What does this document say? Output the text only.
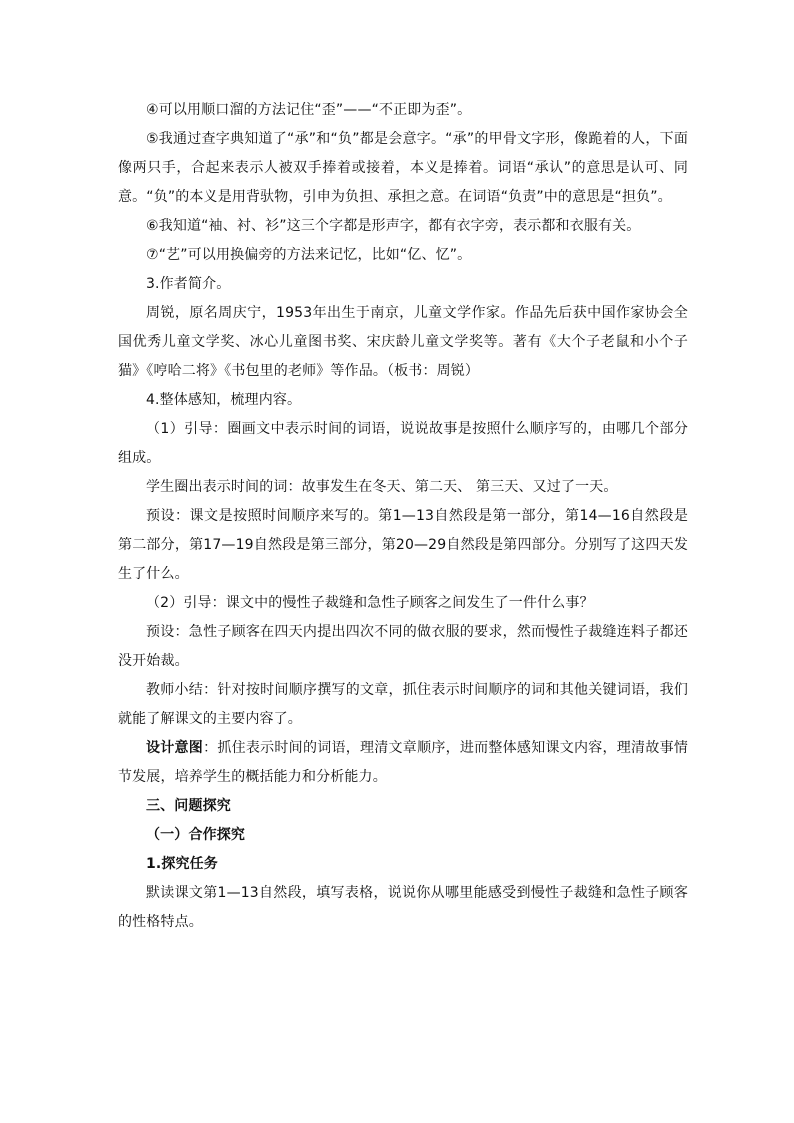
④可以用顺口溜的方法记住“歪”——“不正即为歪”。

⑤我通过查字典知道了“承”和“负”都是会意字。“承”的甲骨文字形，像跪着的人，下面像两只手，合起来表示人被双手捧着或接着，本义是捧着。词语“承认”的意思是认可、同意。“负”的本义是用背驮物，引申为负担、承担之意。在词语“负责”中的意思是“担负”。

⑥我知道“袖、衬、衫”这三个字都是形声字，都有衣字旁，表示都和衣服有关。

⑦“艺”可以用换偏旁的方法来记忆，比如“亿、忆”。

3.作者简介。

周锐，原名周庆宁，1953年出生于南京，儿童文学作家。作品先后获中国作家协会全国优秀儿童文学奖、冰心儿童图书奖、宋庆龄儿童文学奖等。著有《大个子老鼠和小个子猫》《哼哈二将》《书包里的老师》等作品。（板书：周锐）

4.整体感知，梳理内容。

（1）引导：圈画文中表示时间的词语，说说故事是按照什么顺序写的，由哪几个部分组成。

学生圈出表示时间的词：故事发生在冬天、第二天、 第三天、又过了一天。

预设：课文是按照时间顺序来写的。第1—13自然段是第一部分，第14—16自然段是第二部分，第17—19自然段是第三部分，第20—29自然段是第四部分。分别写了这四天发生了什么。

（2）引导：课文中的慢性子裁缝和急性子顾客之间发生了一件什么事？

预设：急性子顾客在四天内提出四次不同的做衣服的要求，然而慢性子裁缝连料子都还没开始裁。

教师小结：针对按时间顺序撰写的文章，抓住表示时间顺序的词和其他关键词语，我们就能了解课文的主要内容了。

设计意图：抓住表示时间的词语，理清文章顺序，进而整体感知课文内容，理清故事情节发展，培养学生的概括能力和分析能力。

三、问题探究

（一）合作探究

1.探究任务

默读课文第1—13自然段，填写表格，说说你从哪里能感受到慢性子裁缝和急性子顾客的性格特点。
